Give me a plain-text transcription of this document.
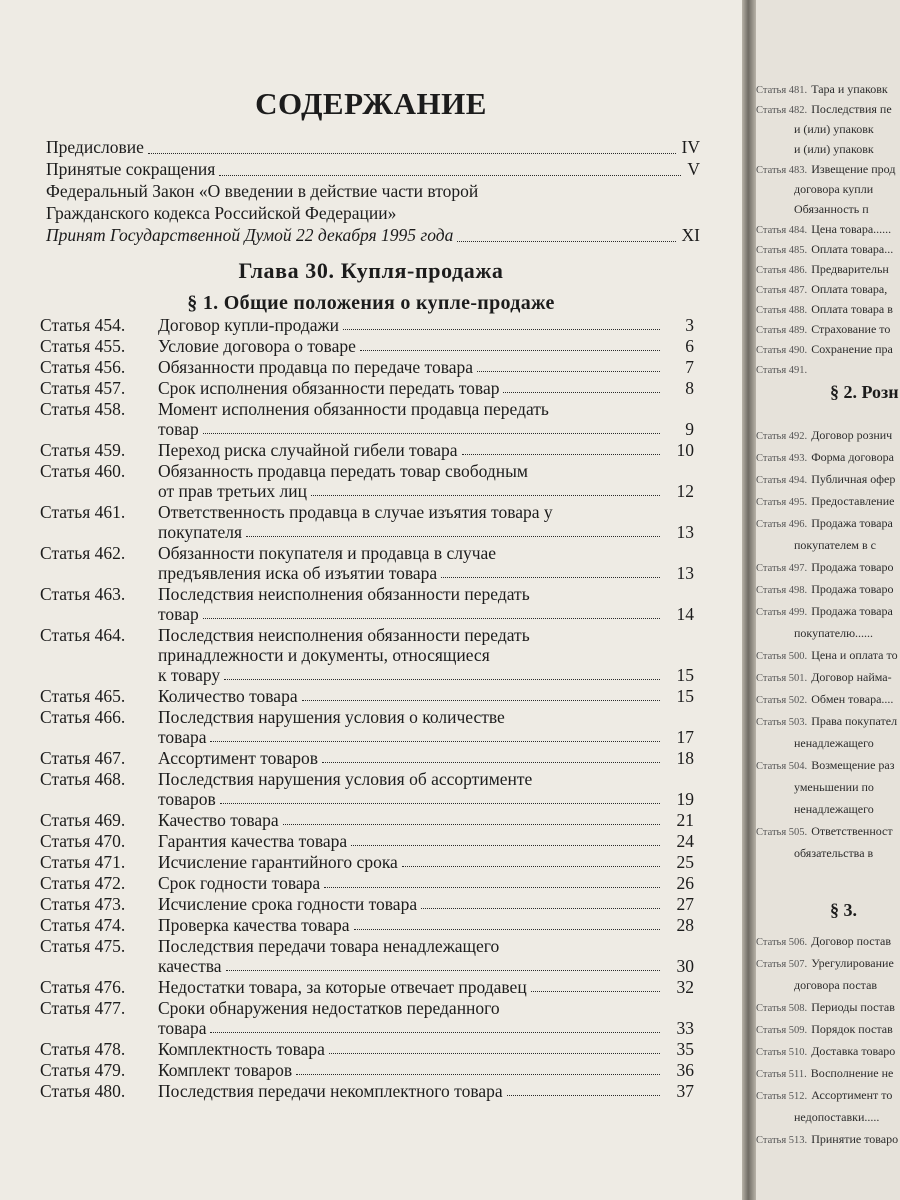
СОДЕРЖАНИЕ
Предисловие	IV
Принятые сокращения	V
Федеральный Закон «О введении в действие части второй
Гражданского кодекса Российской Федерации»
Принят Государственной Думой 22 декабря 1995 года	XI
Глава 30. Купля-продажа
§ 1. Общие положения о купле-продаже
Статья 454. Договор купли-продажи	3
Статья 455. Условие договора о товаре	6
Статья 456. Обязанности продавца по передаче товара	7
Статья 457. Срок исполнения обязанности передать товар	8
Статья 458. Момент исполнения обязанности продавца передать
товар	9
Статья 459. Переход риска случайной гибели товара	10
Статья 460. Обязанность продавца передать товар свободным
от прав третьих лиц	12
Статья 461. Ответственность продавца в случае изъятия товара у
покупателя	13
Статья 462. Обязанности покупателя и продавца в случае
предъявления иска об изъятии товара	13
Статья 463. Последствия неисполнения обязанности передать
товар	14
Статья 464. Последствия неисполнения обязанности передать
принадлежности и документы, относящиеся
к товару	15
Статья 465. Количество товара	15
Статья 466. Последствия нарушения условия о количестве
товара	17
Статья 467. Ассортимент товаров	18
Статья 468. Последствия нарушения условия об ассортименте
товаров	19
Статья 469. Качество товара	21
Статья 470. Гарантия качества товара	24
Статья 471. Исчисление гарантийного срока	25
Статья 472. Срок годности товара	26
Статья 473. Исчисление срока годности товара	27
Статья 474. Проверка качества товара	28
Статья 475. Последствия передачи товара ненадлежащего
качества	30
Статья 476. Недостатки товара, за которые отвечает продавец	32
Статья 477. Сроки обнаружения недостатков переданного
товара	33
Статья 478. Комплектность товара	35
Статья 479. Комплект товаров	36
Статья 480. Последствия передачи некомплектного товара	37
Статья 481. Тара и упаковк
Статья 482. Последствия пе
и (или) упаковк
и (или) упаковк
Статья 483. Извещение прод
договора купли
Обязанность п
Статья 484. Цена товара......
Статья 485. Оплата товара...
Статья 486. Предварительн
Статья 487. Оплата товара,
Статья 488. Оплата товара в
Статья 489. Страхование то
Статья 490. Сохранение пра
Статья 491.
§ 2. Розн
Статья 492. Договор рознич
Статья 493. Форма договора
Статья 494. Публичная офер
Статья 495. Предоставление
Статья 496. Продажа товара
покупателем в с
Статья 497. Продажа товаро
Статья 498. Продажа товаро
Статья 499. Продажа товара
покупателю......
Статья 500. Цена и оплата то
Статья 501. Договор найма-
Статья 502. Обмен товара....
Статья 503. Права покупател
ненадлежащего
Статья 504. Возмещение раз
уменьшении по
ненадлежащего
Статья 505. Ответственност
обязательства в
§ 3.
Статья 506. Договор постав
Статья 507. Урегулирование
договора постав
Статья 508. Периоды постав
Статья 509. Порядок постав
Статья 510. Доставка товаро
Статья 511. Восполнение не
Статья 512. Ассортимент то
недопоставки.....
Статья 513. Принятие товаро
